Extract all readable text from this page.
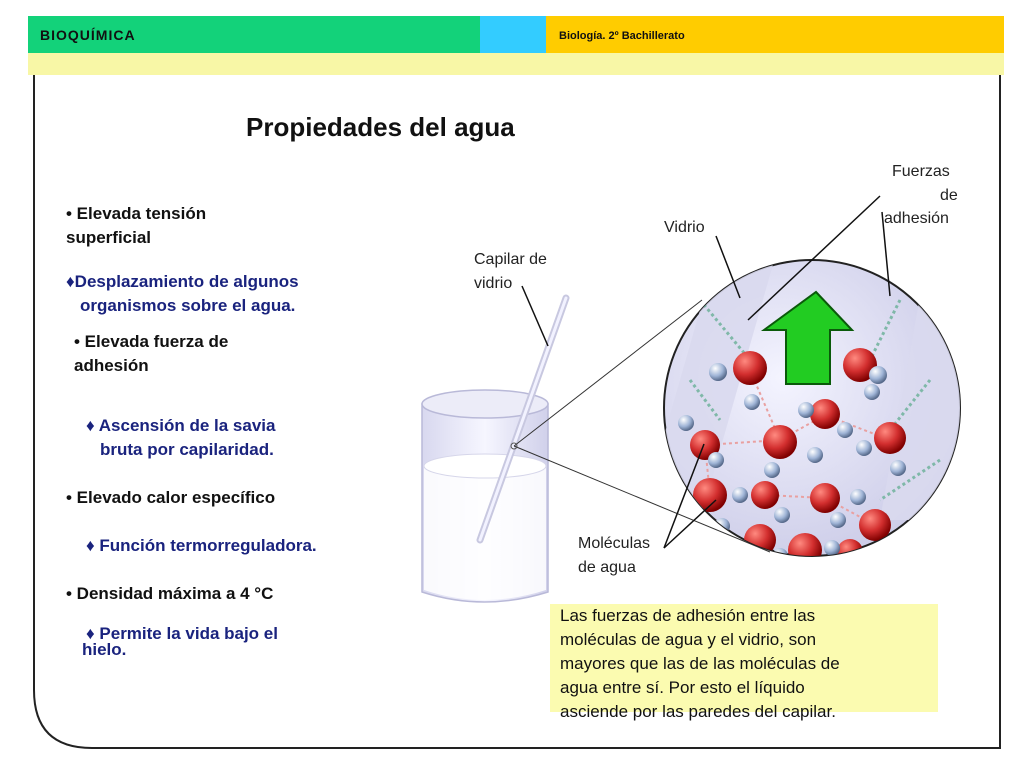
BIOQUÍMICA	Biología. 2º Bachillerato
Propiedades del agua
• Elevada tensión
superficial
♦Desplazamiento de algunos
organismos sobre el agua.
• Elevada fuerza de
adhesión
♦ Ascensión de la savia
bruta por capilaridad.
• Elevado calor específico
♦ Función termorreguladora.
• Densidad máxima a 4 °C
♦ Permite la vida bajo el
hielo.
Capilar de
vidrio
Vidrio
Fuerzas
de
adhesión
Moléculas
de agua
Las fuerzas de adhesión entre las
moléculas de agua y el vidrio, son
mayores que las de las moléculas de
agua entre sí. Por esto el líquido
asciende por las paredes del capilar.
